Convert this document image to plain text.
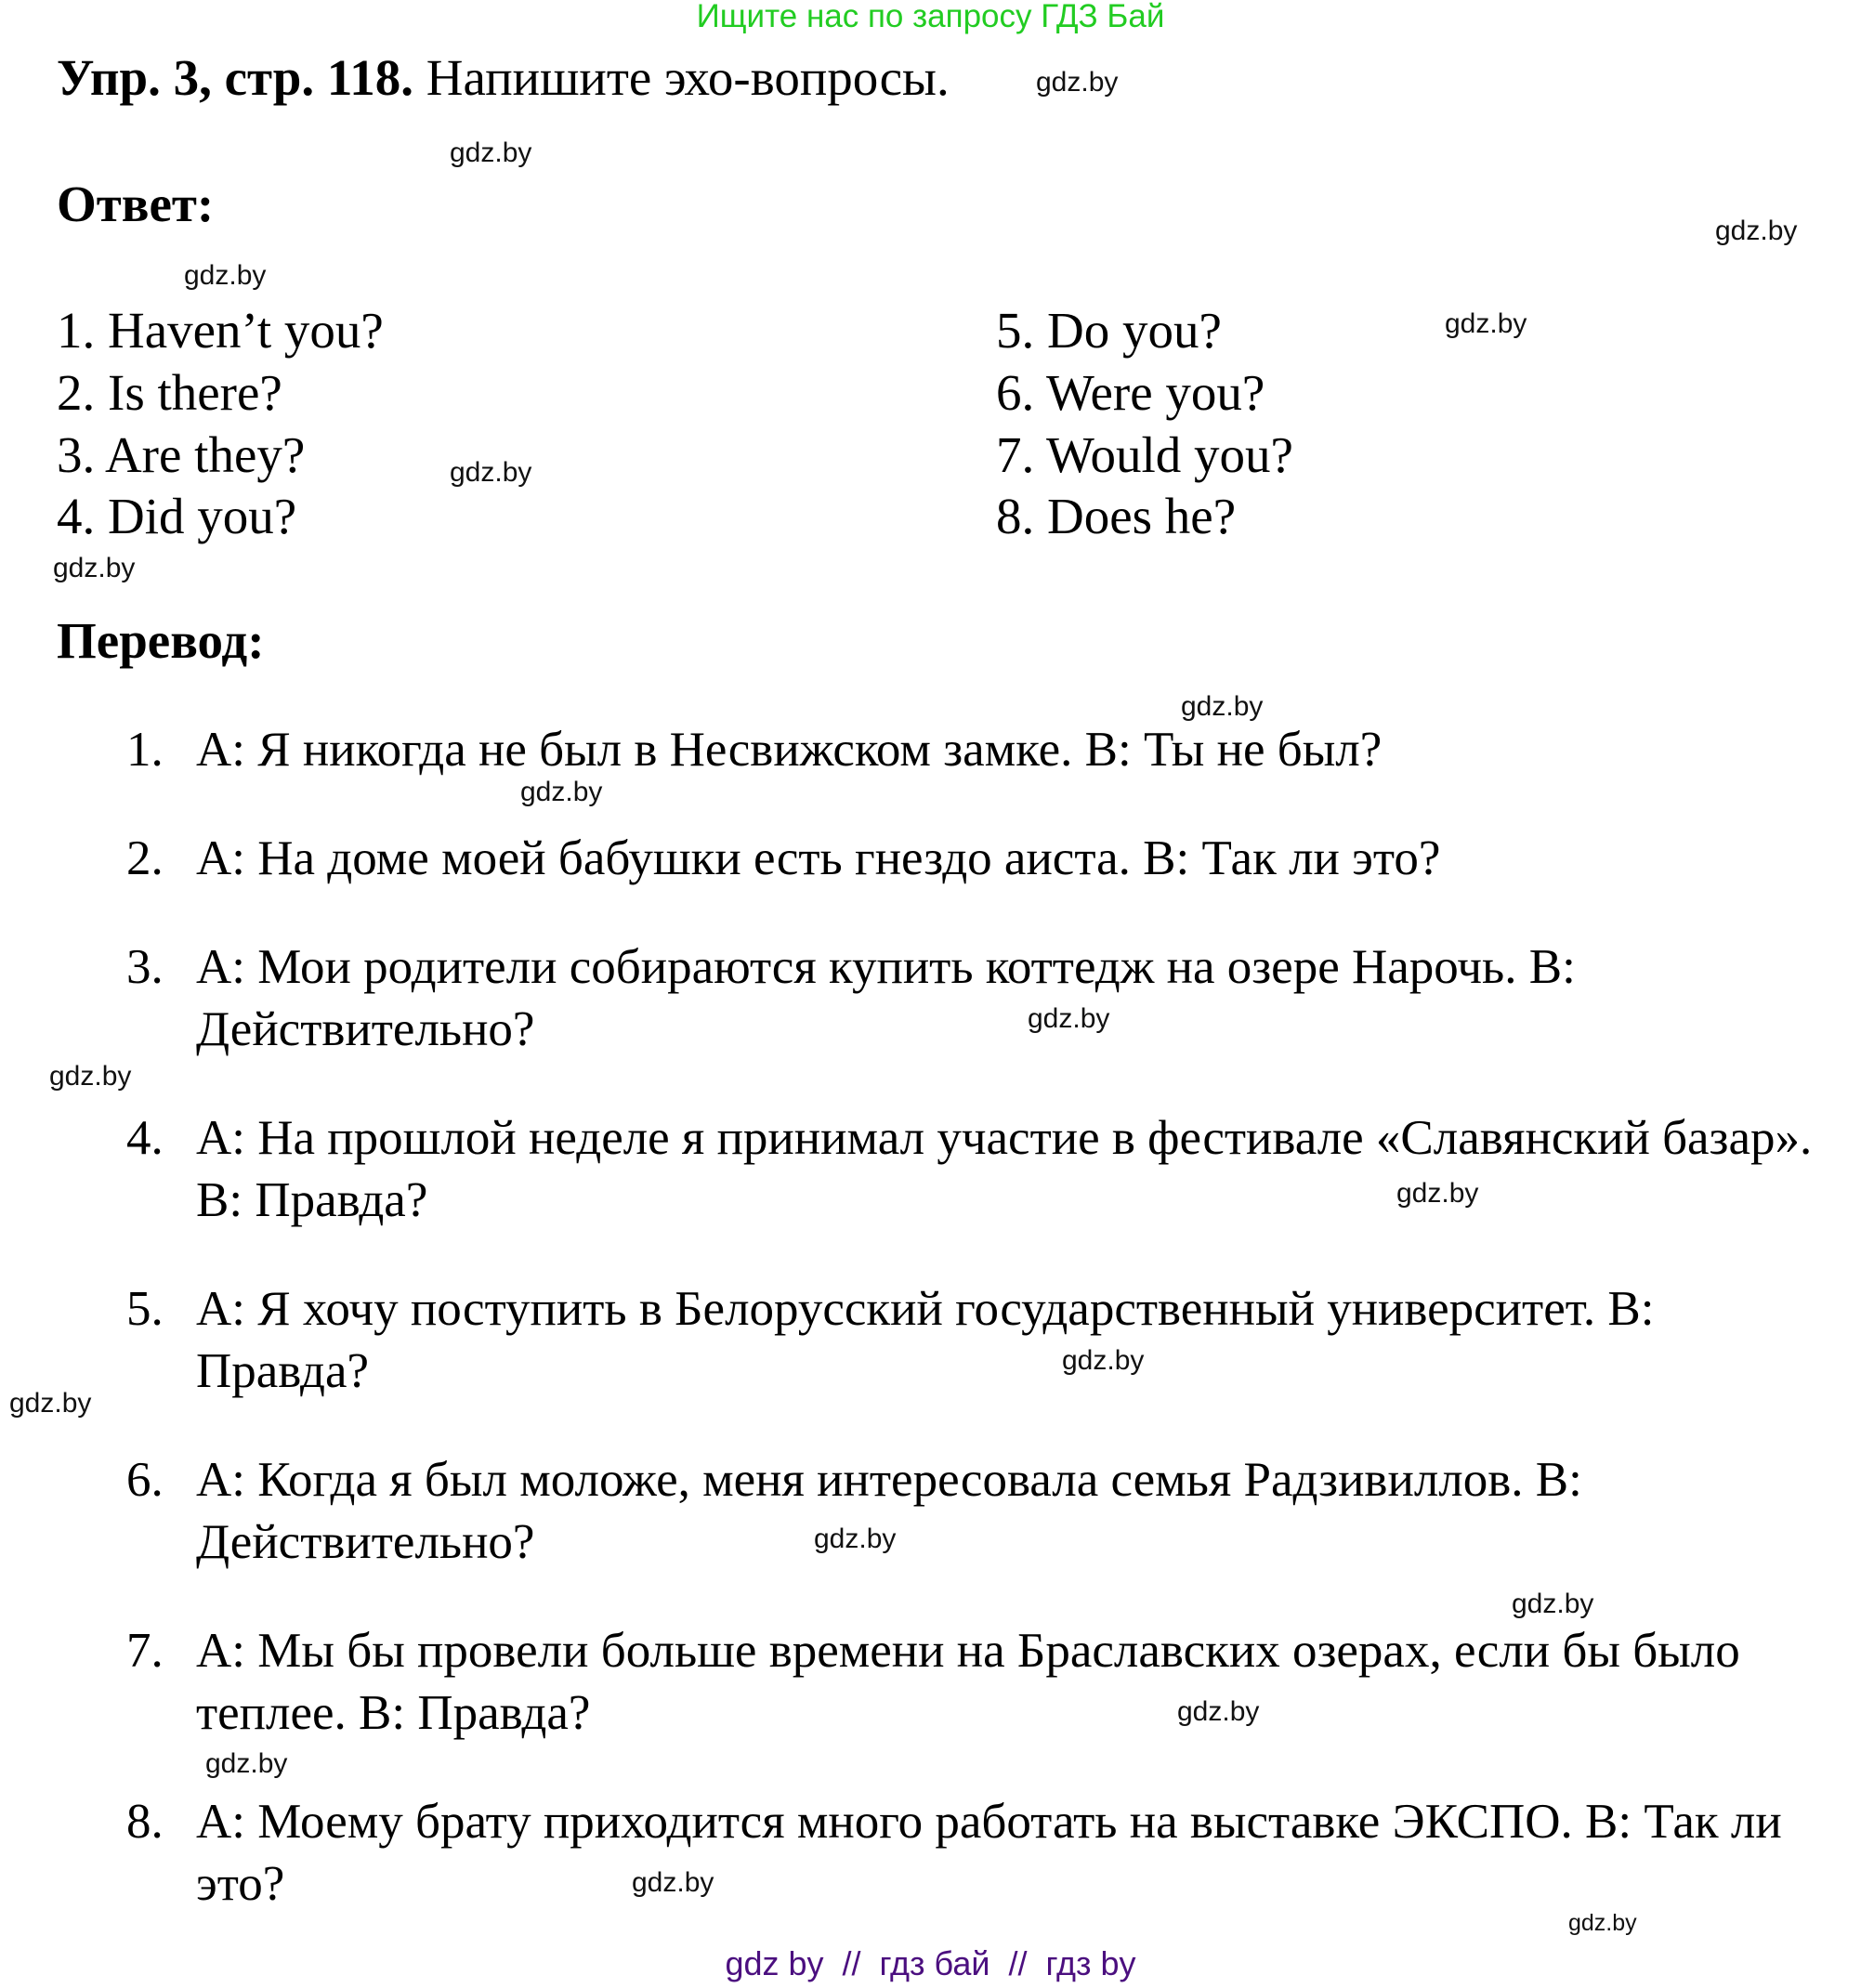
Ищите нас по запросу ГДЗ Бай
Упр. 3, стр. 118. Напишите эхо-вопросы.
Ответ:
1. Haven’t you?
2. Is there?
3. Are they?
4. Did you?
5. Do you?
6. Were you?
7. Would you?
8. Does he?
Перевод:
1. А: Я никогда не был в Несвижском замке. В: Ты не был?
2. А: На доме моей бабушки есть гнездо аиста. В: Так ли это?
3. А: Мои родители собираются купить коттедж на озере Нарочь. В: Действительно?
4. А: На прошлой неделе я принимал участие в фестивале «Славянский базар». В: Правда?
5. А: Я хочу поступить в Белорусский государственный университет. В: Правда?
6. А: Когда я был моложе, меня интересовала семья Радзивиллов. В: Действительно?
7. А: Мы бы провели больше времени на Браславских озерах, если бы было теплее. В: Правда?
8. А: Моему брату приходится много работать на выставке ЭКСПО. В: Так ли это?
gdz.by
gdz.by
gdz.by
gdz.by
gdz.by
gdz.by
gdz.by
gdz.by
gdz.by
gdz.by
gdz.by
gdz.by
gdz.by
gdz.by
gdz.by
gdz.by
gdz.by
gdz.by
gdz.by
gdz.by
gdz by  //  гдз бай  //  гдз by
